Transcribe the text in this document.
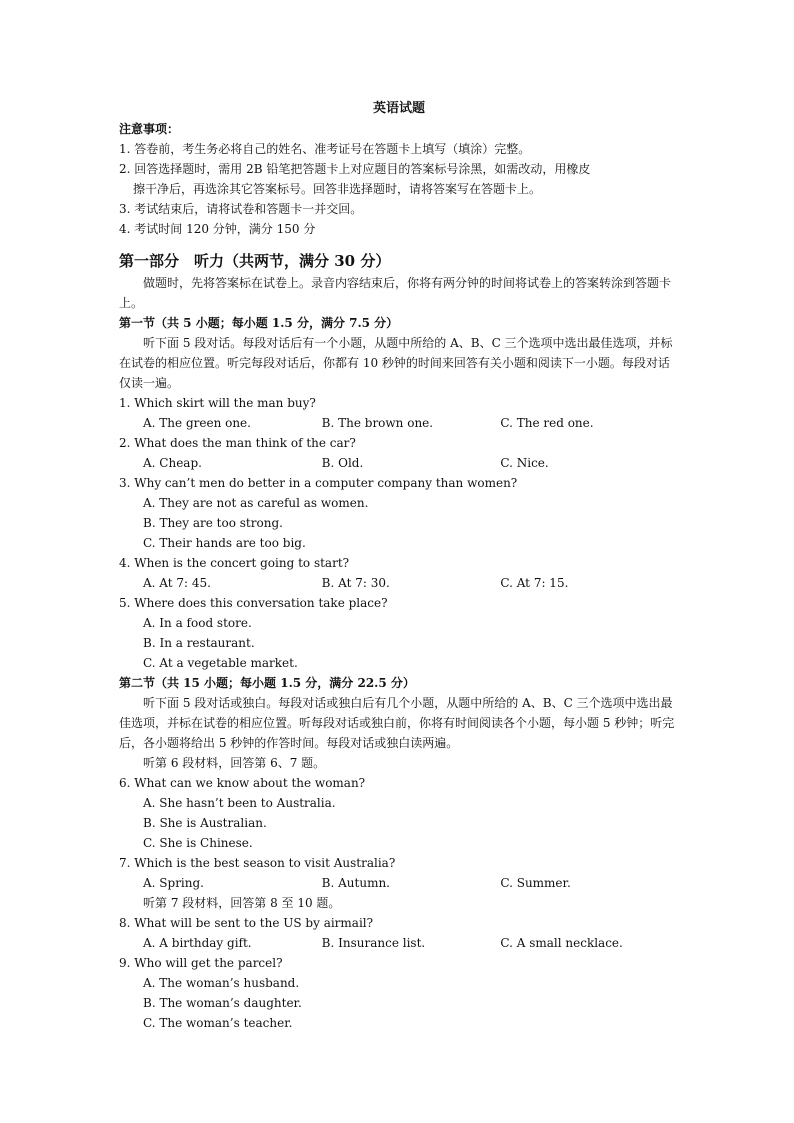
英语试题
注意事项：
1. 答卷前，考生务必将自己的姓名、准考证号在答题卡上填写（填涂）完整。
2. 回答选择题时，需用 2B 铅笔把答题卡上对应题目的答案标号涂黑，如需改动，用橡皮
擦干净后，再选涂其它答案标号。回答非选择题时，请将答案写在答题卡上。
3. 考试结束后，请将试卷和答题卡一并交回。
4. 考试时间 120 分钟，满分 150 分
第一部分　听力（共两节，满分 30 分）
做题时，先将答案标在试卷上。录音内容结束后，你将有两分钟的时间将试卷上的答案转涂到答题卡上。
第一节（共 5 小题；每小题 1.5 分，满分 7.5 分）
听下面 5 段对话。每段对话后有一个小题，从题中所给的 A、B、C 三个选项中选出最佳选项，并标在试卷的相应位置。听完每段对话后，你都有 10 秒钟的时间来回答有关小题和阅读下一小题。每段对话仅读一遍。
1. Which skirt will the man buy?
A. The green one.	B. The brown one.	C. The red one.
2. What does the man think of the car?
A. Cheap.	B. Old.	C. Nice.
3. Why can’t men do better in a computer company than women?
A. They are not as careful as women.
B. They are too strong.
C. Their hands are too big.
4. When is the concert going to start?
A. At 7: 45.	B. At 7: 30.	C. At 7: 15.
5. Where does this conversation take place?
A. In a food store.
B. In a restaurant.
C. At a vegetable market.
第二节（共 15 小题；每小题 1.5 分，满分 22.5 分）
听下面 5 段对话或独白。每段对话或独白后有几个小题，从题中所给的 A、B、C 三个选项中选出最佳选项，并标在试卷的相应位置。听每段对话或独白前，你将有时间阅读各个小题，每小题 5 秒钟；听完后，各小题将给出 5 秒钟的作答时间。每段对话或独白读两遍。
听第 6 段材料，回答第 6、7 题。
6. What can we know about the woman?
A. She hasn’t been to Australia.
B. She is Australian.
C. She is Chinese.
7. Which is the best season to visit Australia?
A. Spring.	B. Autumn.	C. Summer.
听第 7 段材料，回答第 8 至 10 题。
8. What will be sent to the US by airmail?
A. A birthday gift.	B. Insurance list.	C. A small necklace.
9. Who will get the parcel?
A. The woman’s husband.
B. The woman’s daughter.
C. The woman’s teacher.
